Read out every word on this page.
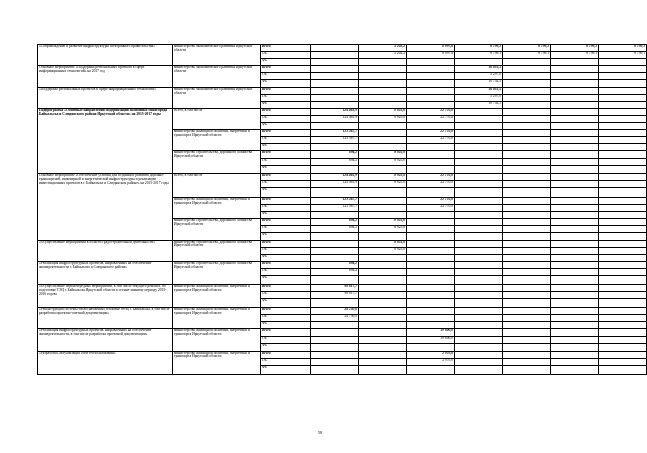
«Сопровождение и развитие инфраструктуры электронного правительства»	министерство экономического развития Иркутской области	Всего		5 202,2	8 997,6	8 799,1	8 799,1	8 799,1	8 799,1
		ОБ		5 202,2	8 997,6	8 799,1	8 799,1	8 799,1	8 799,1
		ФБ							
Основное мероприятие «Поддержка региональных проектов в сфере информационных технологий» на 2017 год	министерство экономического развития Иркутской области	Всего				16 051,5			
		ОБ				5 297,0			
		ФБ				10 754,5			
«Поддержка региональных проектов в сфере информационных технологий»	министерство экономического развития Иркутской области	Всего				16 051,5			
		ОБ				5 297,0			
		ФБ				10 754,5			
Подпрограмма «Основные направления модернизации экономики моногорода Байкальска и Слюдянского района Иркутской области» на 2015-2017 годы	Всего, в том числе	Всего	124 461,9	8 925,0	22 770,0				
		ОБ	124 461,9	8 925,0	22 770,0				
		ФБ							
	министерство жилищной политики, энергетики и транспорта Иркутской области	Всего	123 567,7		22 770,0				
		ОБ	123 567,7		22 770,0				
		ФБ							
	министерство строительства, дорожного хозяйства Иркутской области	Всего	894,2	8 925,0					
		ОБ	894,2	8 925,0					
		ФБ							
Основное мероприятие «Обеспечение условий для создания и развития дорожно-транспортной, инженерной и энергетической инфраструктуры и реализации инвестиционных проектов в г. Байкальске и Слюдянском районе» на 2015-2017 годы	Всего, в том числе	Всего	124 461,9	8 925,0	22 770,0				
		ОБ	124 461,9	8 925,0	22 770,0				
		ФБ							
	министерство жилищной политики, энергетики и транспорта Иркутской области	Всего	123 567,7		22 770,0				
		ОБ	123 567,7		22 770,0				
		ФБ							
	министерство строительства, дорожного хозяйства Иркутской области	Всего	894,2	8 925,0					
		ОБ	894,2	8 925,0					
		ФБ							
«Осуществление мероприятий в области градостроительной деятельности»	министерство строительства, дорожного хозяйства Иркутской области	Всего		8 925,0					
		ОБ		8 925,0					
		ФБ							
«Реализация инфраструктурных проектов, направленных на обеспечение жизнедеятельности г. Байкальска и Слюдянского района»	министерство строительства, дорожного хозяйства Иркутской области	Всего	894,2						
		ОБ	894,2						
		ФБ							
«Осуществление первоочередных мероприятий, в том числе текущего ремонта, по подготовке ТЭЦ г. Байкальска Иркутской области к осенне-зимнему периоду 2015-2016 годов»	министерство жилищной политики, энергетики и транспорта Иркутской области	Всего	98 817,7						
		ОБ	98 817,7						
		ФБ							
«Реконструкция системы теплоснабжения (тепловые сети) г. Байкальска, в том числе разработка проектно-сметной документации»	министерство жилищной политики, энергетики и транспорта Иркутской области	Всего	24 750,0						
		ОБ	24 750,0						
		ФБ							
«Реализация инфраструктурных проектов, направленных на обеспечение жизнедеятельности, в том числе разработка проектной документации»	министерство жилищной политики, энергетики и транспорта Иркутской области	Всего			19 800,0				
		ОБ			19 800,0				
		ФБ							
«Разработка, актуализация схем теплоснабжения»	министерство жилищной политики, энергетики и транспорта Иркутской области	Всего			2 970,0				
		ОБ			2 970,0				
		ФБ							
58
